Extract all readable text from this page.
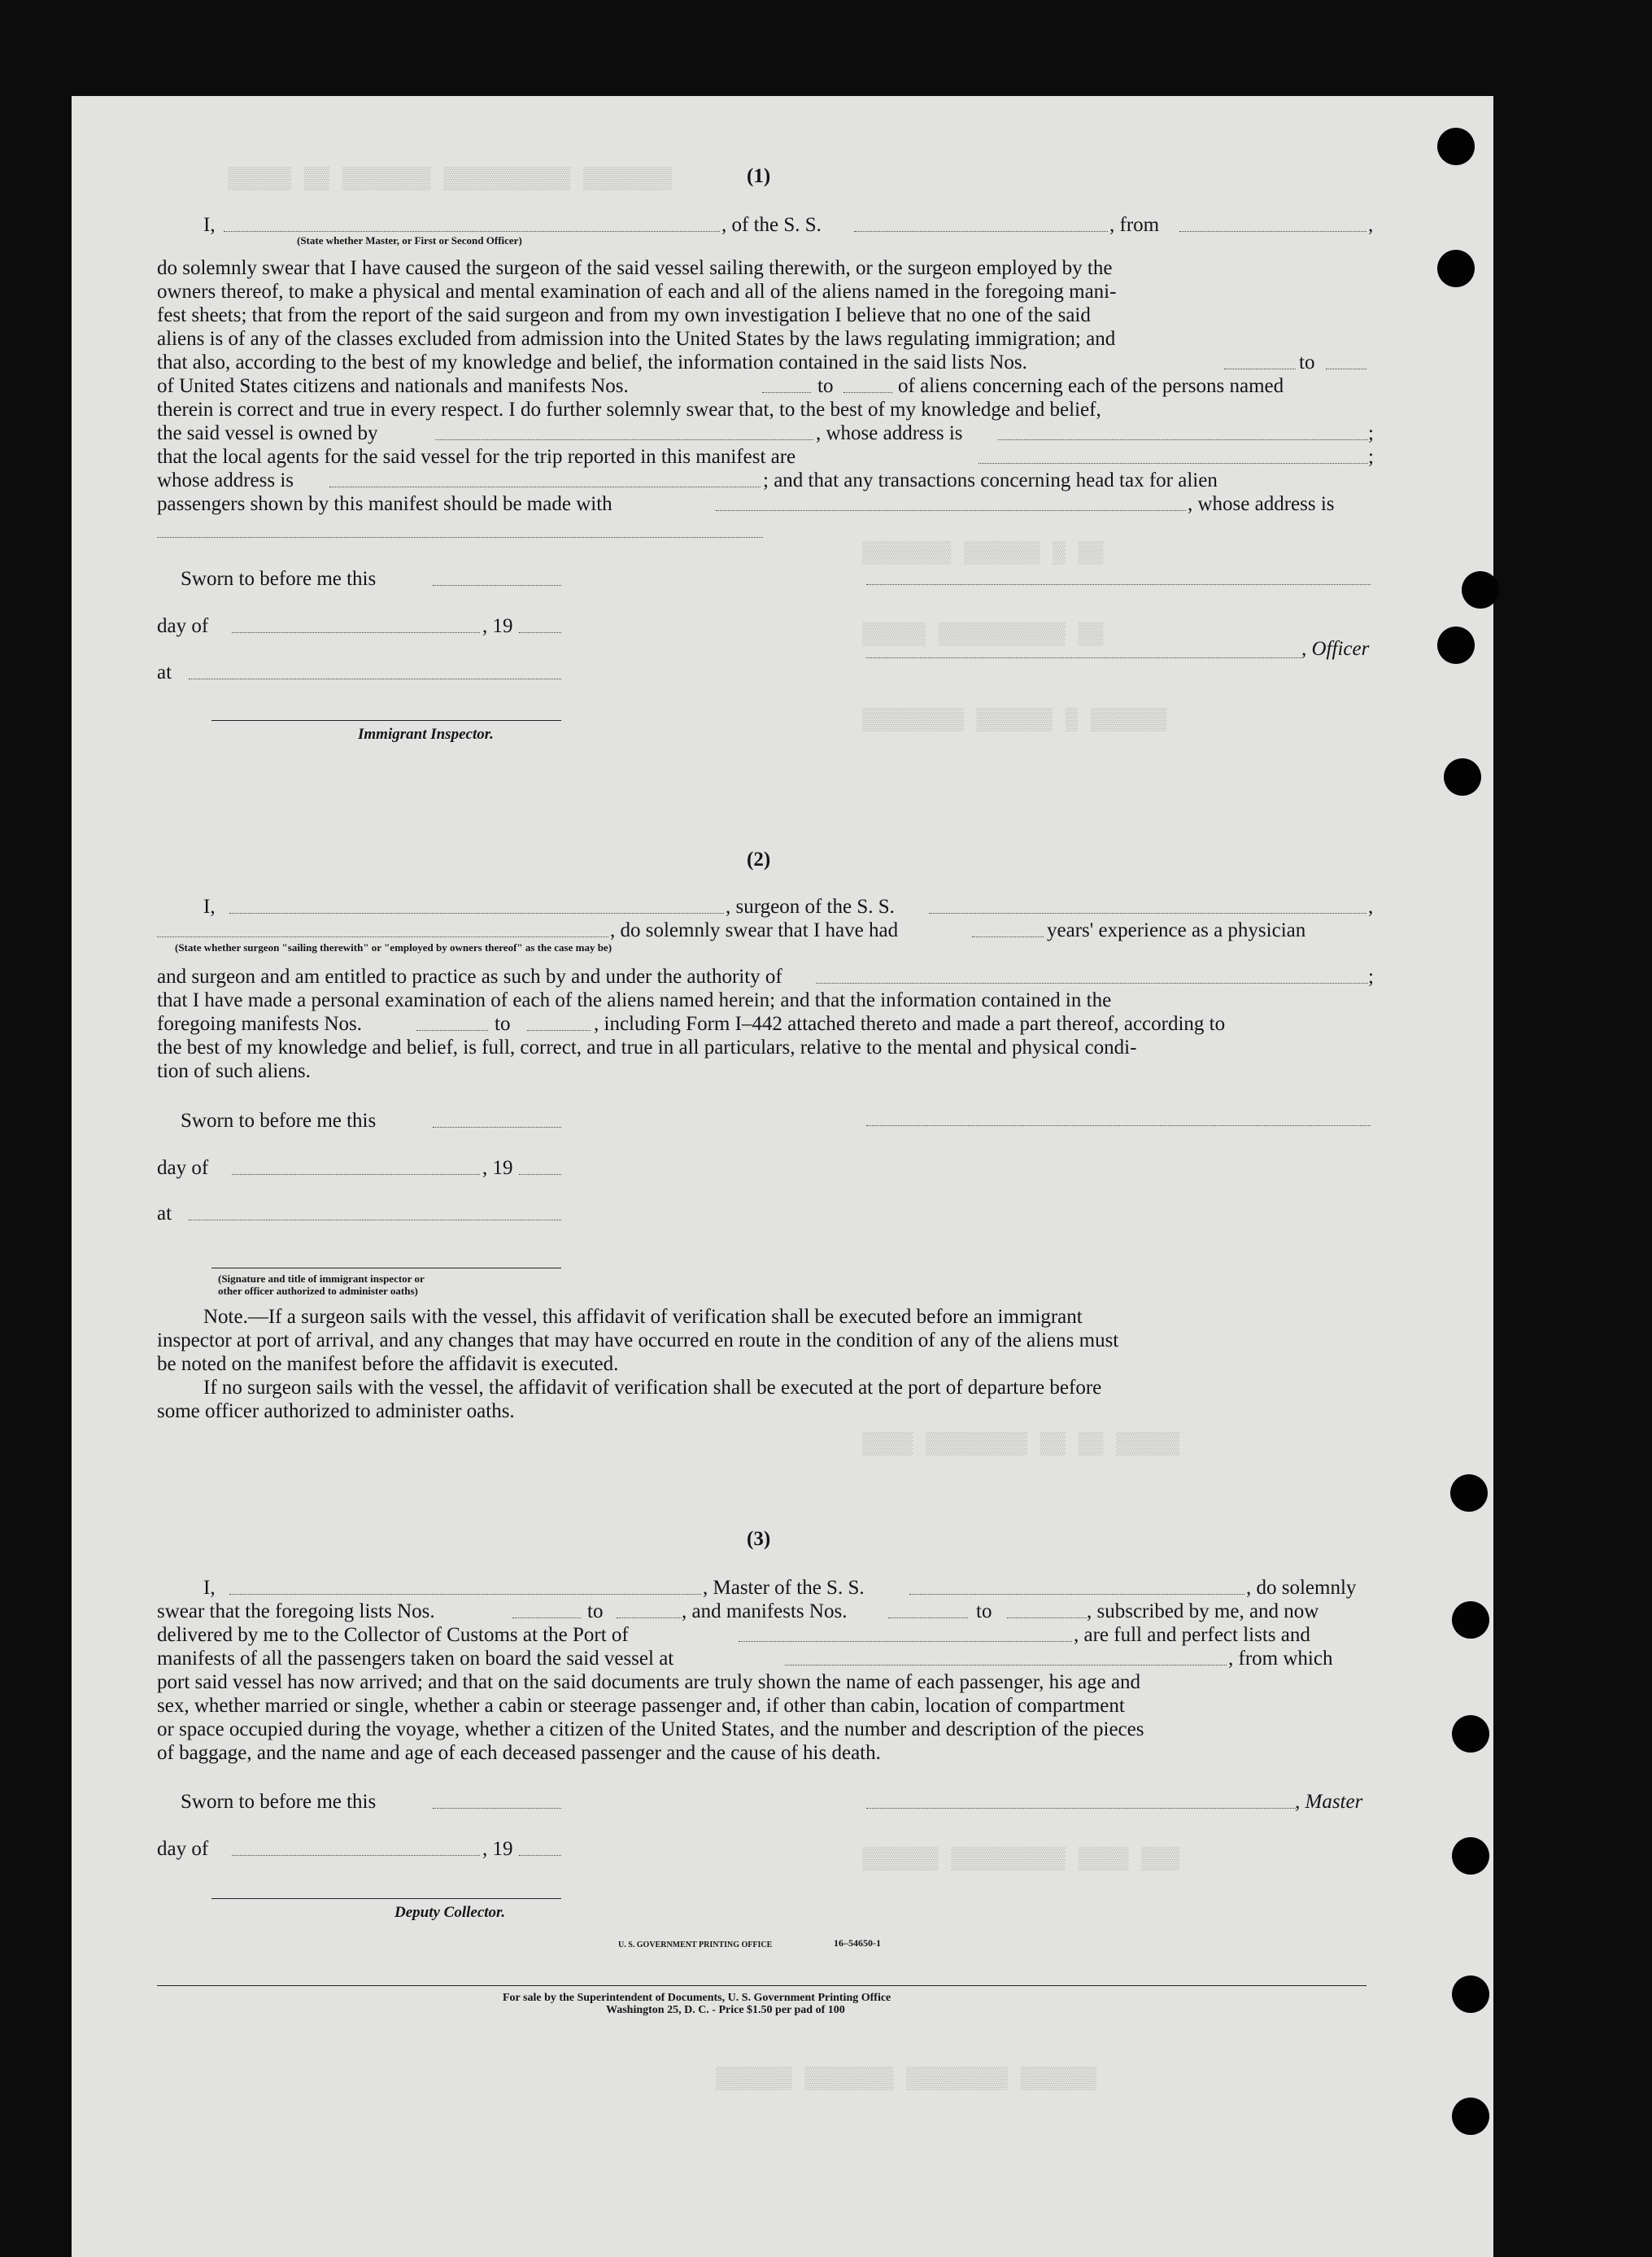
▒▒▒▒▒ ▒▒ ▒▒▒▒▒▒▒ ▒▒▒▒▒▒▒▒▒▒ ▒▒▒▒▒▒▒
▒▒▒▒▒▒▒ ▒▒▒▒▒▒ ▒ ▒▒
▒▒▒▒▒ ▒▒▒▒▒▒▒▒▒▒ ▒▒
▒▒▒▒▒▒▒▒ ▒▒▒▒▒▒ ▒ ▒▒▒▒▒▒
▒▒▒▒ ▒▒▒▒▒▒▒▒ ▒▒ ▒▒ ▒▒▒▒▒
▒▒▒▒▒▒ ▒▒▒▒▒▒▒▒▒ ▒▒▒▒ ▒▒▒
▒▒▒▒▒▒ ▒▒▒▒▒▒▒ ▒▒▒▒▒▒▒▒ ▒▒▒▒▒▒
(1)
I,
(State whether Master, or First or Second Officer)
, of the S. S.	, from	,
do solemnly swear that I have caused the surgeon of the said vessel sailing therewith, or the surgeon employed by the
owners thereof, to make a physical and mental examination of each and all of the aliens named in the foregoing mani-
fest sheets; that from the report of the said surgeon and from my own investigation I believe that no one of the said
aliens is of any of the classes excluded from admission into the United States by the laws regulating immigration; and
that also, according to the best of my knowledge and belief, the information contained in the said lists Nos.	to
of United States citizens and nationals and manifests Nos.	to	of aliens concerning each of the persons named
therein is correct and true in every respect. I do further solemnly swear that, to the best of my knowledge and belief,
the said vessel is owned by	, whose address is	;
that the local agents for the said vessel for the trip reported in this manifest are	;
whose address is	; and that any transactions concerning head tax for alien
passengers shown by this manifest should be made with	, whose address is
Sworn to before me this
day of	, 19
, Officer
at
Immigrant Inspector.
(2)
I,	, surgeon of the S. S.	,
, do solemnly swear that I have had	years' experience as a physician
(State whether surgeon "sailing therewith" or "employed by owners thereof" as the case may be)
and surgeon and am entitled to practice as such by and under the authority of	;
that I have made a personal examination of each of the aliens named herein; and that the information contained in the
foregoing manifests Nos.	to	, including Form I–442 attached thereto and made a part thereof, according to
the best of my knowledge and belief, is full, correct, and true in all particulars, relative to the mental and physical condi-
tion of such aliens.
Sworn to before me this
day of	, 19
at
(Signature and title of immigrant inspector or
other officer authorized to administer oaths)
Note.—If a surgeon sails with the vessel, this affidavit of verification shall be executed before an immigrant
inspector at port of arrival, and any changes that may have occurred en route in the condition of any of the aliens must
be noted on the manifest before the affidavit is executed.
If no surgeon sails with the vessel, the affidavit of verification shall be executed at the port of departure before
some officer authorized to administer oaths.
(3)
I,	, Master of the S. S.	, do solemnly
swear that the foregoing lists Nos.	to	, and manifests Nos.	to	, subscribed by me, and now
delivered by me to the Collector of Customs at the Port of	, are full and perfect lists and
manifests of all the passengers taken on board the said vessel at	, from which
port said vessel has now arrived; and that on the said documents are truly shown the name of each passenger, his age and
sex, whether married or single, whether a cabin or steerage passenger and, if other than cabin, location of compartment
or space occupied during the voyage, whether a citizen of the United States, and the number and description of the pieces
of baggage, and the name and age of each deceased passenger and the cause of his death.
Sworn to before me this	, Master
day of	, 19
Deputy Collector.
U. S. GOVERNMENT PRINTING OFFICE	16–54650-1
For sale by the Superintendent of Documents, U. S. Government Printing Office
Washington 25, D. C. - Price $1.50 per pad of 100
